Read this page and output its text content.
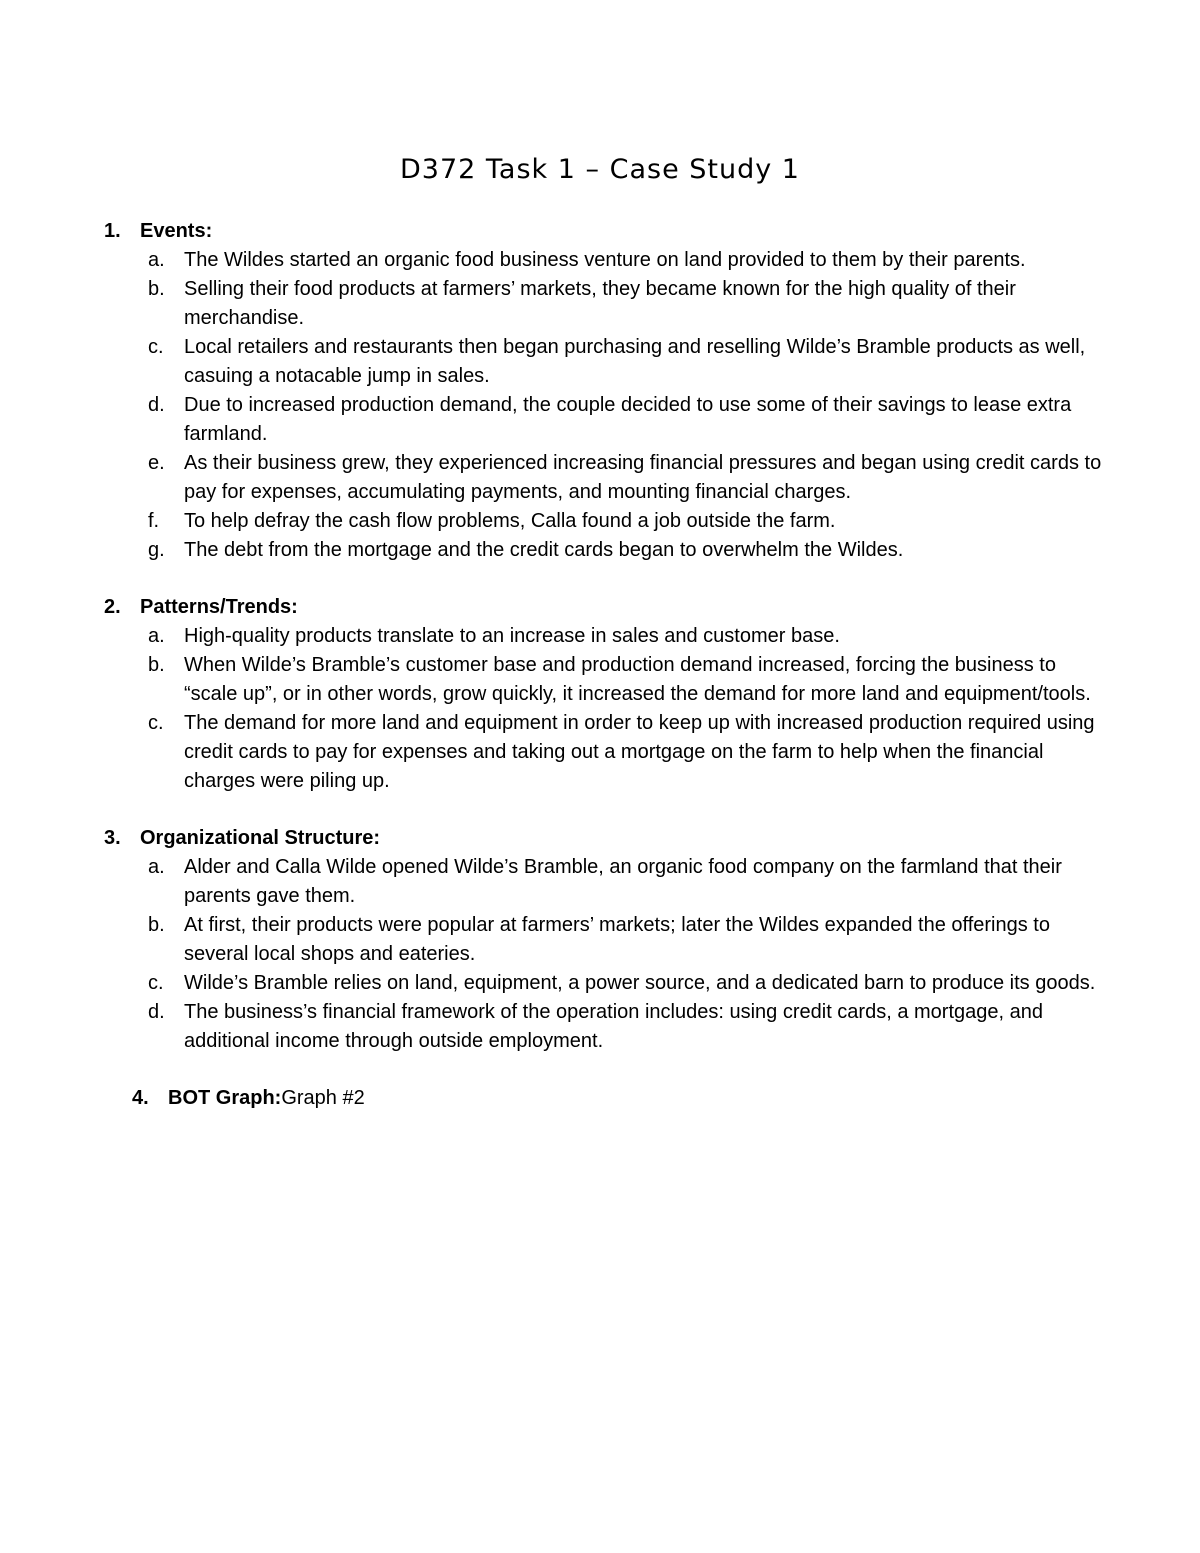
D372 Task 1 – Case Study 1
1. Events:
a. The Wildes started an organic food business venture on land provided to them by their parents.
b. Selling their food products at farmers’ markets, they became known for the high quality of their merchandise.
c.	Local retailers and restaurants then began purchasing and reselling Wilde’s Bramble products as well, casuing a notacable jump in sales.
d. Due to increased production demand, the couple decided to use some of their savings to lease extra farmland.
e. As their business grew, they experienced increasing financial pressures and began using credit cards to pay for expenses, accumulating payments, and mounting financial charges.
f.	To help defray the cash flow problems, Calla found a job outside the farm.
g. The debt from the mortgage and the credit cards began to overwhelm the Wildes.
2. Patterns/Trends:
a. High-quality products translate to an increase in sales and customer base.
b. When Wilde’s Bramble’s customer base and production demand increased, forcing the business to “scale up”, or in other words, grow quickly, it increased the demand for more land and equipment/tools.
c.	The demand for more land and equipment in order to keep up with increased production required using credit cards to pay for expenses and taking out a mortgage on the farm to help when the financial charges were piling up.
3. Organizational Structure:
a. Alder and Calla Wilde opened Wilde’s Bramble, an organic food company on the farmland that their parents gave them.
b. At first, their products were popular at farmers’ markets; later the Wildes expanded the offerings to several local shops and eateries.
c.	Wilde’s Bramble relies on land, equipment, a power source, and a dedicated barn to produce its goods.
d. The business’s financial framework of the operation includes: using credit cards, a mortgage, and additional income through outside employment.
4. BOT Graph: Graph #2
